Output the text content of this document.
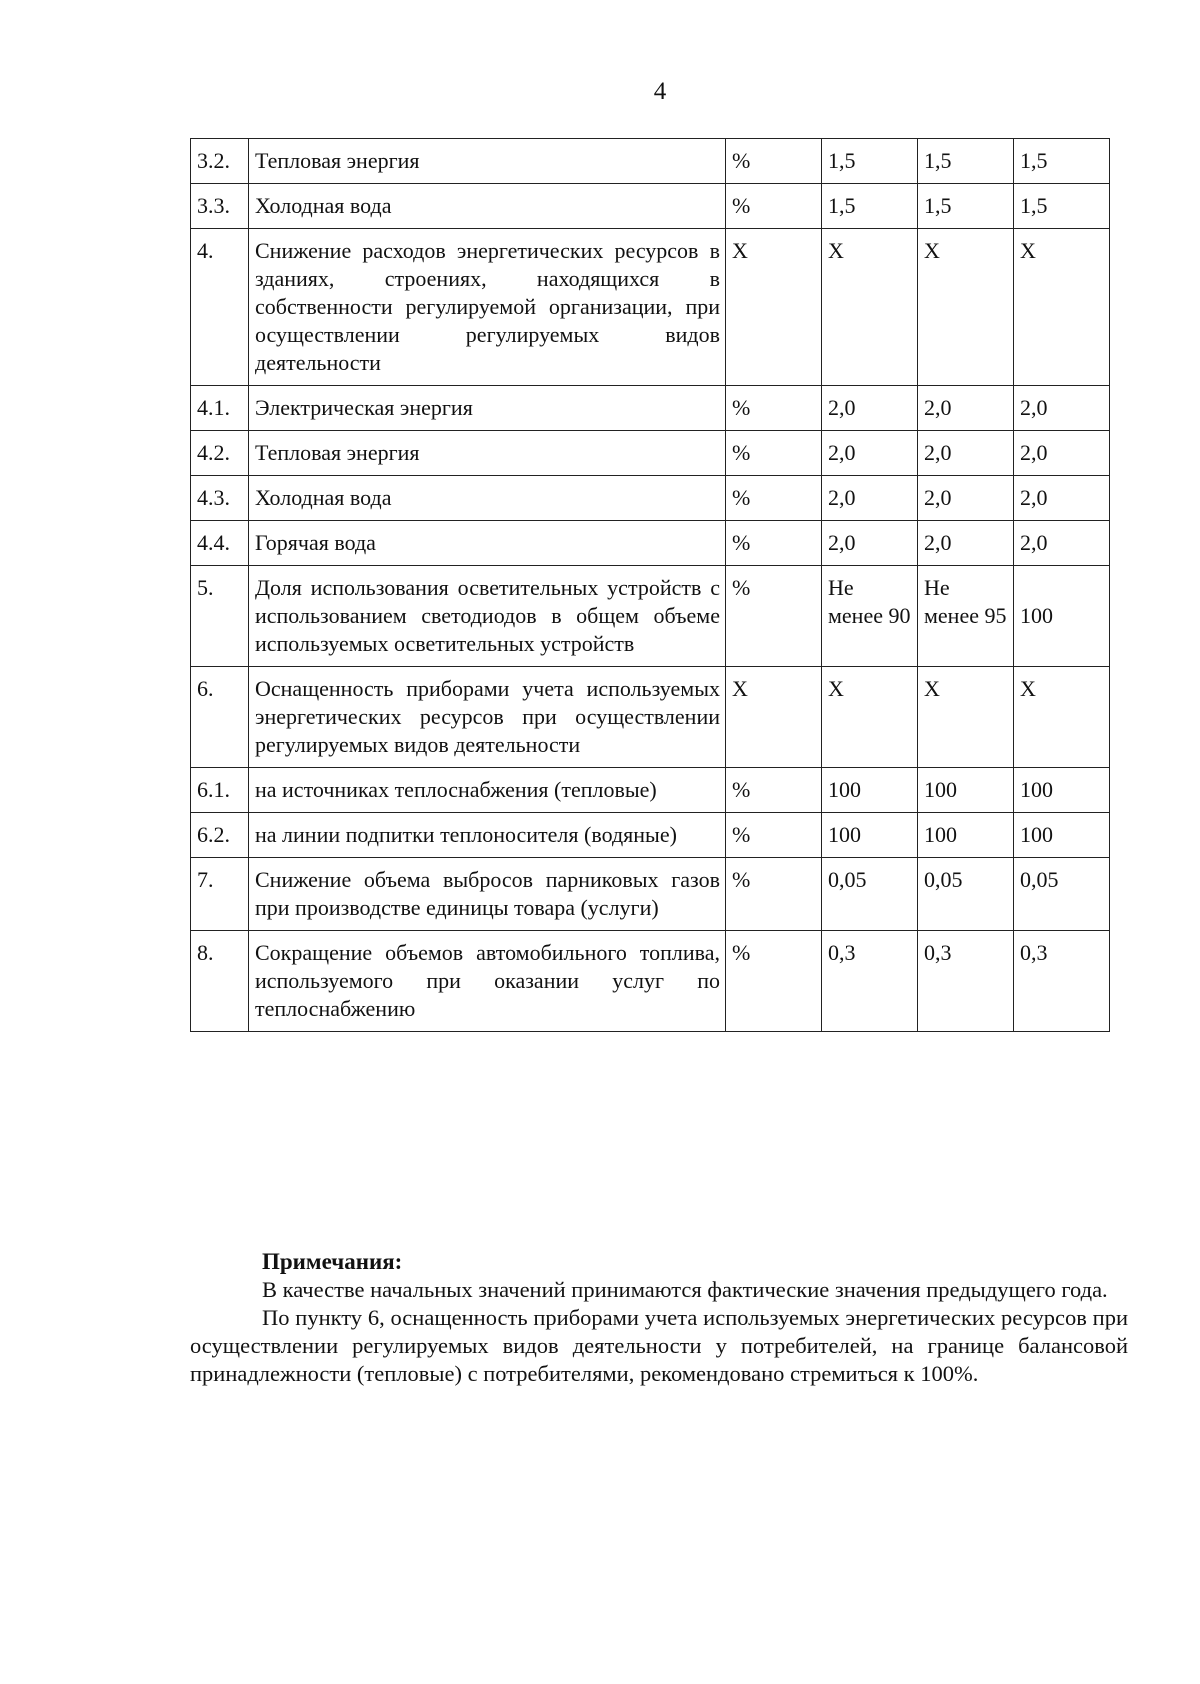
4
3.2.	Тепловая энергия	%	1,5	1,5	1,5
3.3.	Холодная вода	%	1,5	1,5	1,5
4.	Снижение расходов энергетических ресурсов в зданиях, строениях, находящихся в собственности регулируемой организации, при осуществлении регулируемых видов деятельности	Х	Х	Х	Х
4.1.	Электрическая энергия	%	2,0	2,0	2,0
4.2.	Тепловая энергия	%	2,0	2,0	2,0
4.3.	Холодная вода	%	2,0	2,0	2,0
4.4.	Горячая вода	%	2,0	2,0	2,0
5.	Доля использования осветительных устройств с использованием светодиодов в общем объеме используемых осветительных устройств	%	Не менее 90	Не менее 95	100
6.	Оснащенность приборами учета используемых энергетических ресурсов при осуществлении регулируемых видов деятельности	Х	Х	Х	Х
6.1.	на источниках теплоснабжения (тепловые)	%	100	100	100
6.2.	на линии подпитки теплоносителя (водяные)	%	100	100	100
7.	Снижение объема выбросов парниковых газов при производстве единицы товара (услуги)	%	0,05	0,05	0,05
8.	Сокращение объемов автомобильного топлива, используемого при оказании услуг по теплоснабжению	%	0,3	0,3	0,3
Примечания:

В качестве начальных значений принимаются фактические значения предыдущего года.

По пункту 6, оснащенность приборами учета используемых энергетических ресурсов при осуществлении регулируемых видов деятельности у потребителей, на границе балансовой принадлежности (тепловые) с потребителями, рекомендовано стремиться к 100%.
